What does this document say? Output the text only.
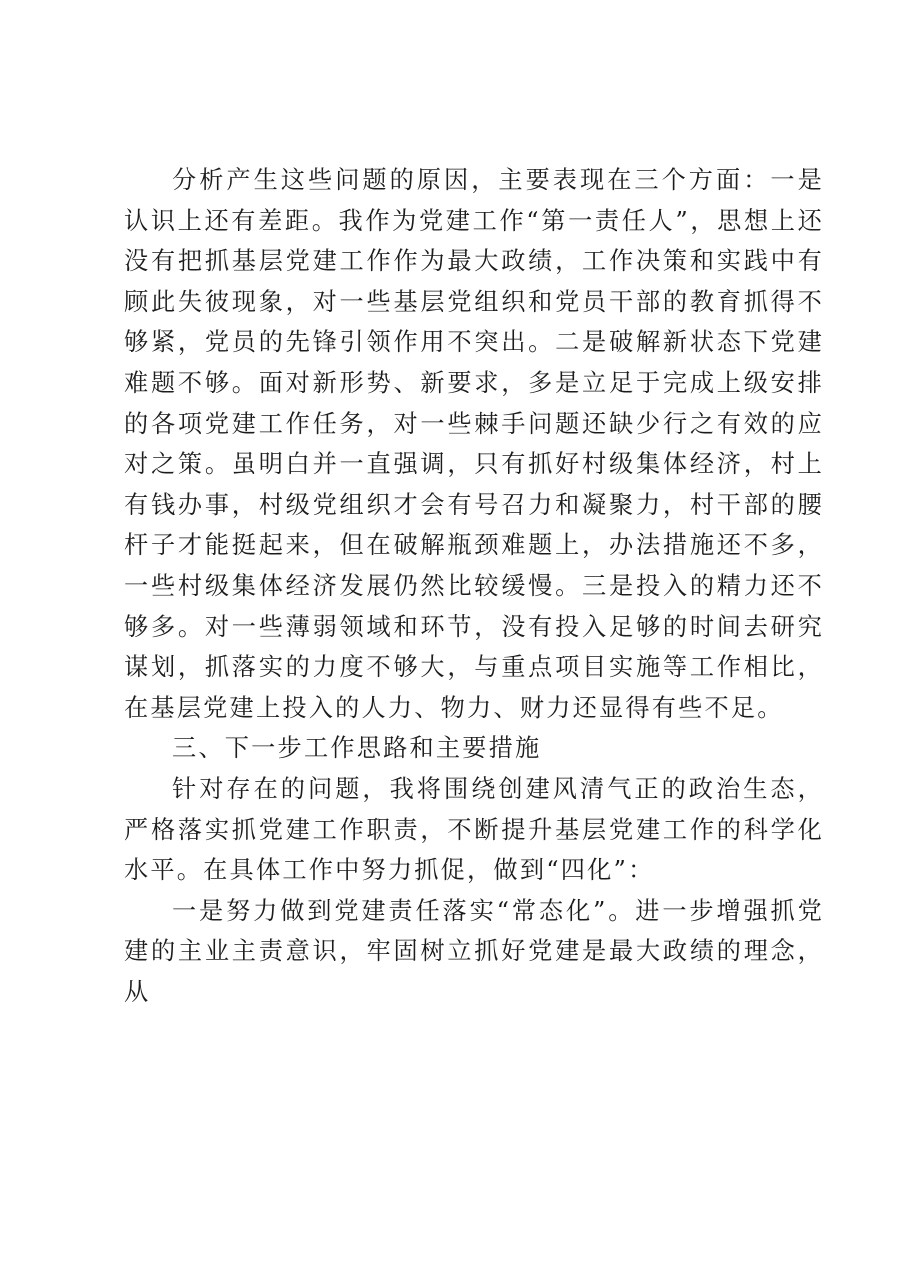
分析产生这些问题的原因，主要表现在三个方面：一是认识上还有差距。我作为党建工作“第一责任人”，思想上还没有把抓基层党建工作作为最大政绩，工作决策和实践中有顾此失彼现象，对一些基层党组织和党员干部的教育抓得不够紧，党员的先锋引领作用不突出。二是破解新状态下党建难题不够。面对新形势、新要求，多是立足于完成上级安排的各项党建工作任务，对一些棘手问题还缺少行之有效的应对之策。虽明白并一直强调，只有抓好村级集体经济，村上有钱办事，村级党组织才会有号召力和凝聚力，村干部的腰杆子才能挺起来，但在破解瓶颈难题上，办法措施还不多，一些村级集体经济发展仍然比较缓慢。三是投入的精力还不够多。对一些薄弱领域和环节，没有投入足够的时间去研究谋划，抓落实的力度不够大，与重点项目实施等工作相比，在基层党建上投入的人力、物力、财力还显得有些不足。

三、下一步工作思路和主要措施

针对存在的问题，我将围绕创建风清气正的政治生态，严格落实抓党建工作职责，不断提升基层党建工作的科学化水平。在具体工作中努力抓促，做到“四化”：

一是努力做到党建责任落实“常态化”。进一步增强抓党建的主业主责意识，牢固树立抓好党建是最大政绩的理念，从
